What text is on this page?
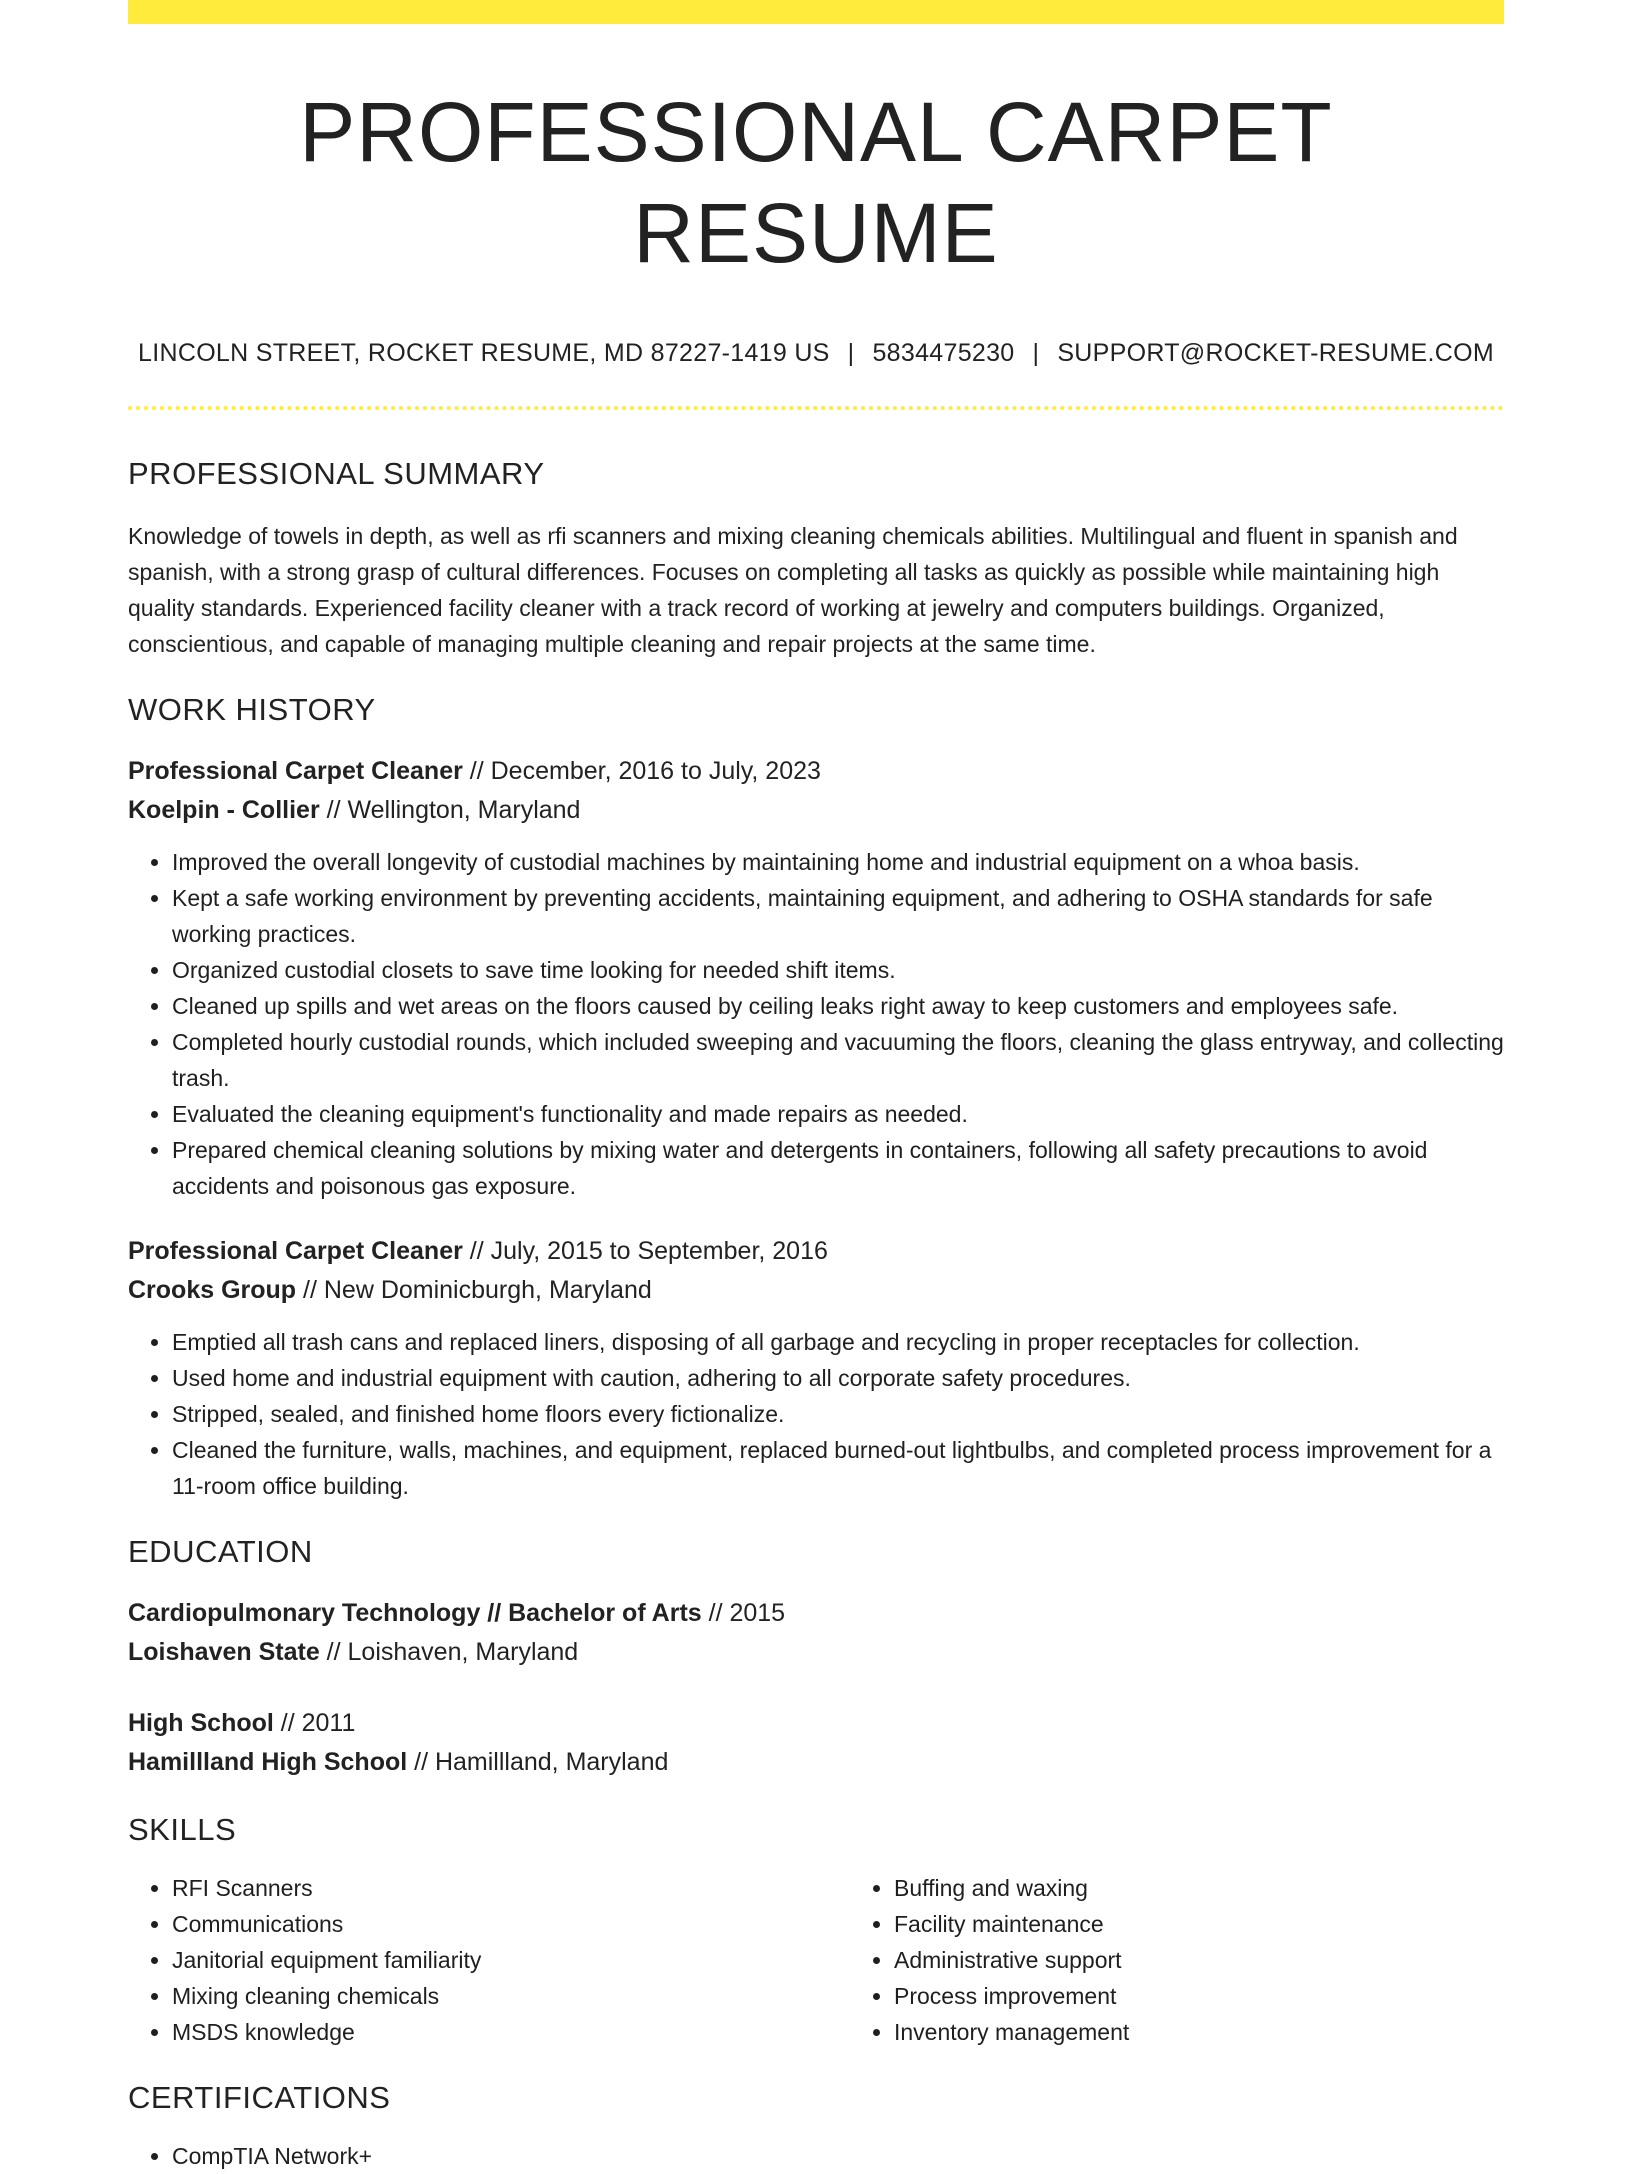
PROFESSIONAL CARPET RESUME
LINCOLN STREET, ROCKET RESUME, MD 87227-1419 US | 5834475230 | SUPPORT@ROCKET-RESUME.COM
PROFESSIONAL SUMMARY

Knowledge of towels in depth, as well as rfi scanners and mixing cleaning chemicals abilities. Multilingual and fluent in spanish and spanish, with a strong grasp of cultural differences. Focuses on completing all tasks as quickly as possible while maintaining high quality standards. Experienced facility cleaner with a track record of working at jewelry and computers buildings. Organized, conscientious, and capable of managing multiple cleaning and repair projects at the same time.

WORK HISTORY
Professional Carpet Cleaner // December, 2016 to July, 2023
Koelpin - Collier // Wellington, Maryland
• Improved the overall longevity of custodial machines by maintaining home and industrial equipment on a whoa basis.
• Kept a safe working environment by preventing accidents, maintaining equipment, and adhering to OSHA standards for safe working practices.
• Organized custodial closets to save time looking for needed shift items.
• Cleaned up spills and wet areas on the floors caused by ceiling leaks right away to keep customers and employees safe.
• Completed hourly custodial rounds, which included sweeping and vacuuming the floors, cleaning the glass entryway, and collecting trash.
• Evaluated the cleaning equipment's functionality and made repairs as needed.
• Prepared chemical cleaning solutions by mixing water and detergents in containers, following all safety precautions to avoid accidents and poisonous gas exposure.
Professional Carpet Cleaner // July, 2015 to September, 2016
Crooks Group // New Dominicburgh, Maryland
• Emptied all trash cans and replaced liners, disposing of all garbage and recycling in proper receptacles for collection.
• Used home and industrial equipment with caution, adhering to all corporate safety procedures.
• Stripped, sealed, and finished home floors every fictionalize.
• Cleaned the furniture, walls, machines, and equipment, replaced burned-out lightbulbs, and completed process improvement for a 11-room office building.
EDUCATION
Cardiopulmonary Technology // Bachelor of Arts // 2015
Loishaven State // Loishaven, Maryland
High School // 2011
Hamillland High School // Hamillland, Maryland
SKILLS
• RFI Scanners
• Communications
• Janitorial equipment familiarity
• Mixing cleaning chemicals
• MSDS knowledge
• Buffing and waxing
• Facility maintenance
• Administrative support
• Process improvement
• Inventory management
CERTIFICATIONS
• CompTIA Network+
